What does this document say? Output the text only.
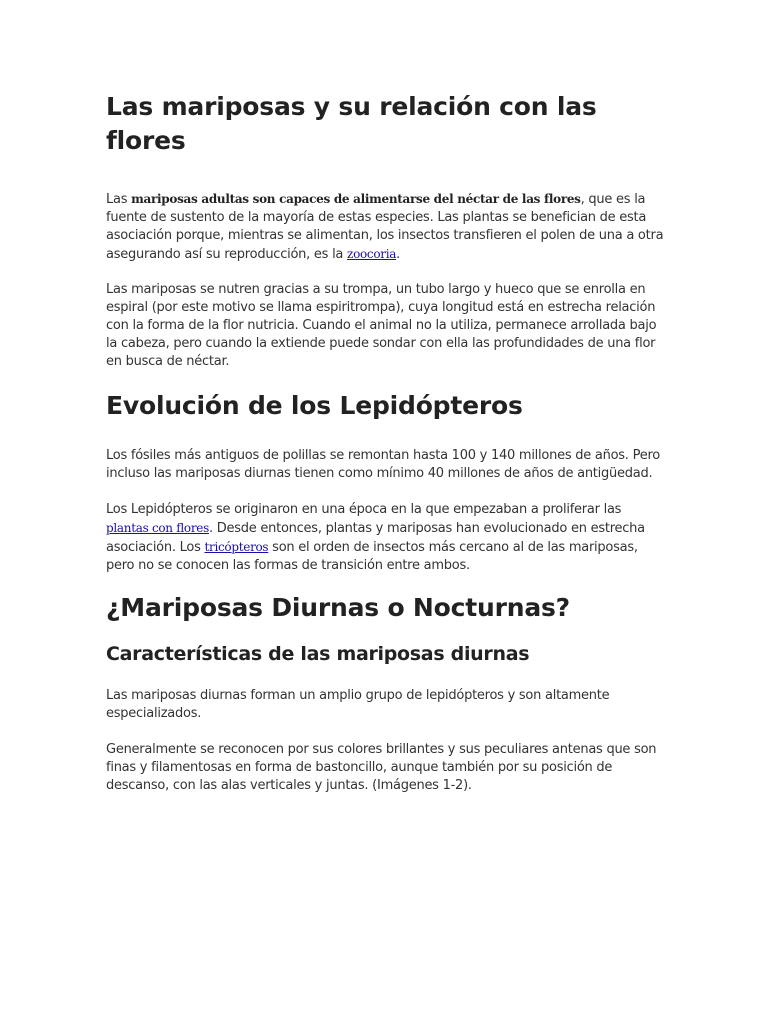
Las mariposas y su relación con las flores

Las mariposas adultas son capaces de alimentarse del néctar de las flores, que es la fuente de sustento de la mayoría de estas especies. Las plantas se benefician de esta asociación porque, mientras se alimentan, los insectos transfieren el polen de una a otra asegurando así su reproducción, es la zoocoria.

Las mariposas se nutren gracias a su trompa, un tubo largo y hueco que se enrolla en espiral (por este motivo se llama espiritrompa), cuya longitud está en estrecha relación con la forma de la flor nutricia. Cuando el animal no la utiliza, permanece arrollada bajo la cabeza, pero cuando la extiende puede sondar con ella las profundidades de una flor en busca de néctar.

Evolución de los Lepidópteros

Los fósiles más antiguos de polillas se remontan hasta 100 y 140 millones de años. Pero incluso las mariposas diurnas tienen como mínimo 40 millones de años de antigüedad.

Los Lepidópteros se originaron en una época en la que empezaban a proliferar las plantas con flores. Desde entonces, plantas y mariposas han evolucionado en estrecha asociación. Los tricópteros son el orden de insectos más cercano al de las mariposas, pero no se conocen las formas de transición entre ambos.

¿Mariposas Diurnas o Nocturnas?
Características de las mariposas diurnas

Las mariposas diurnas forman un amplio grupo de lepidópteros y son altamente especializados.

Generalmente se reconocen por sus colores brillantes y sus peculiares antenas que son finas y filamentosas en forma de bastoncillo, aunque también por su posición de descanso, con las alas verticales y juntas. (Imágenes 1-2).
